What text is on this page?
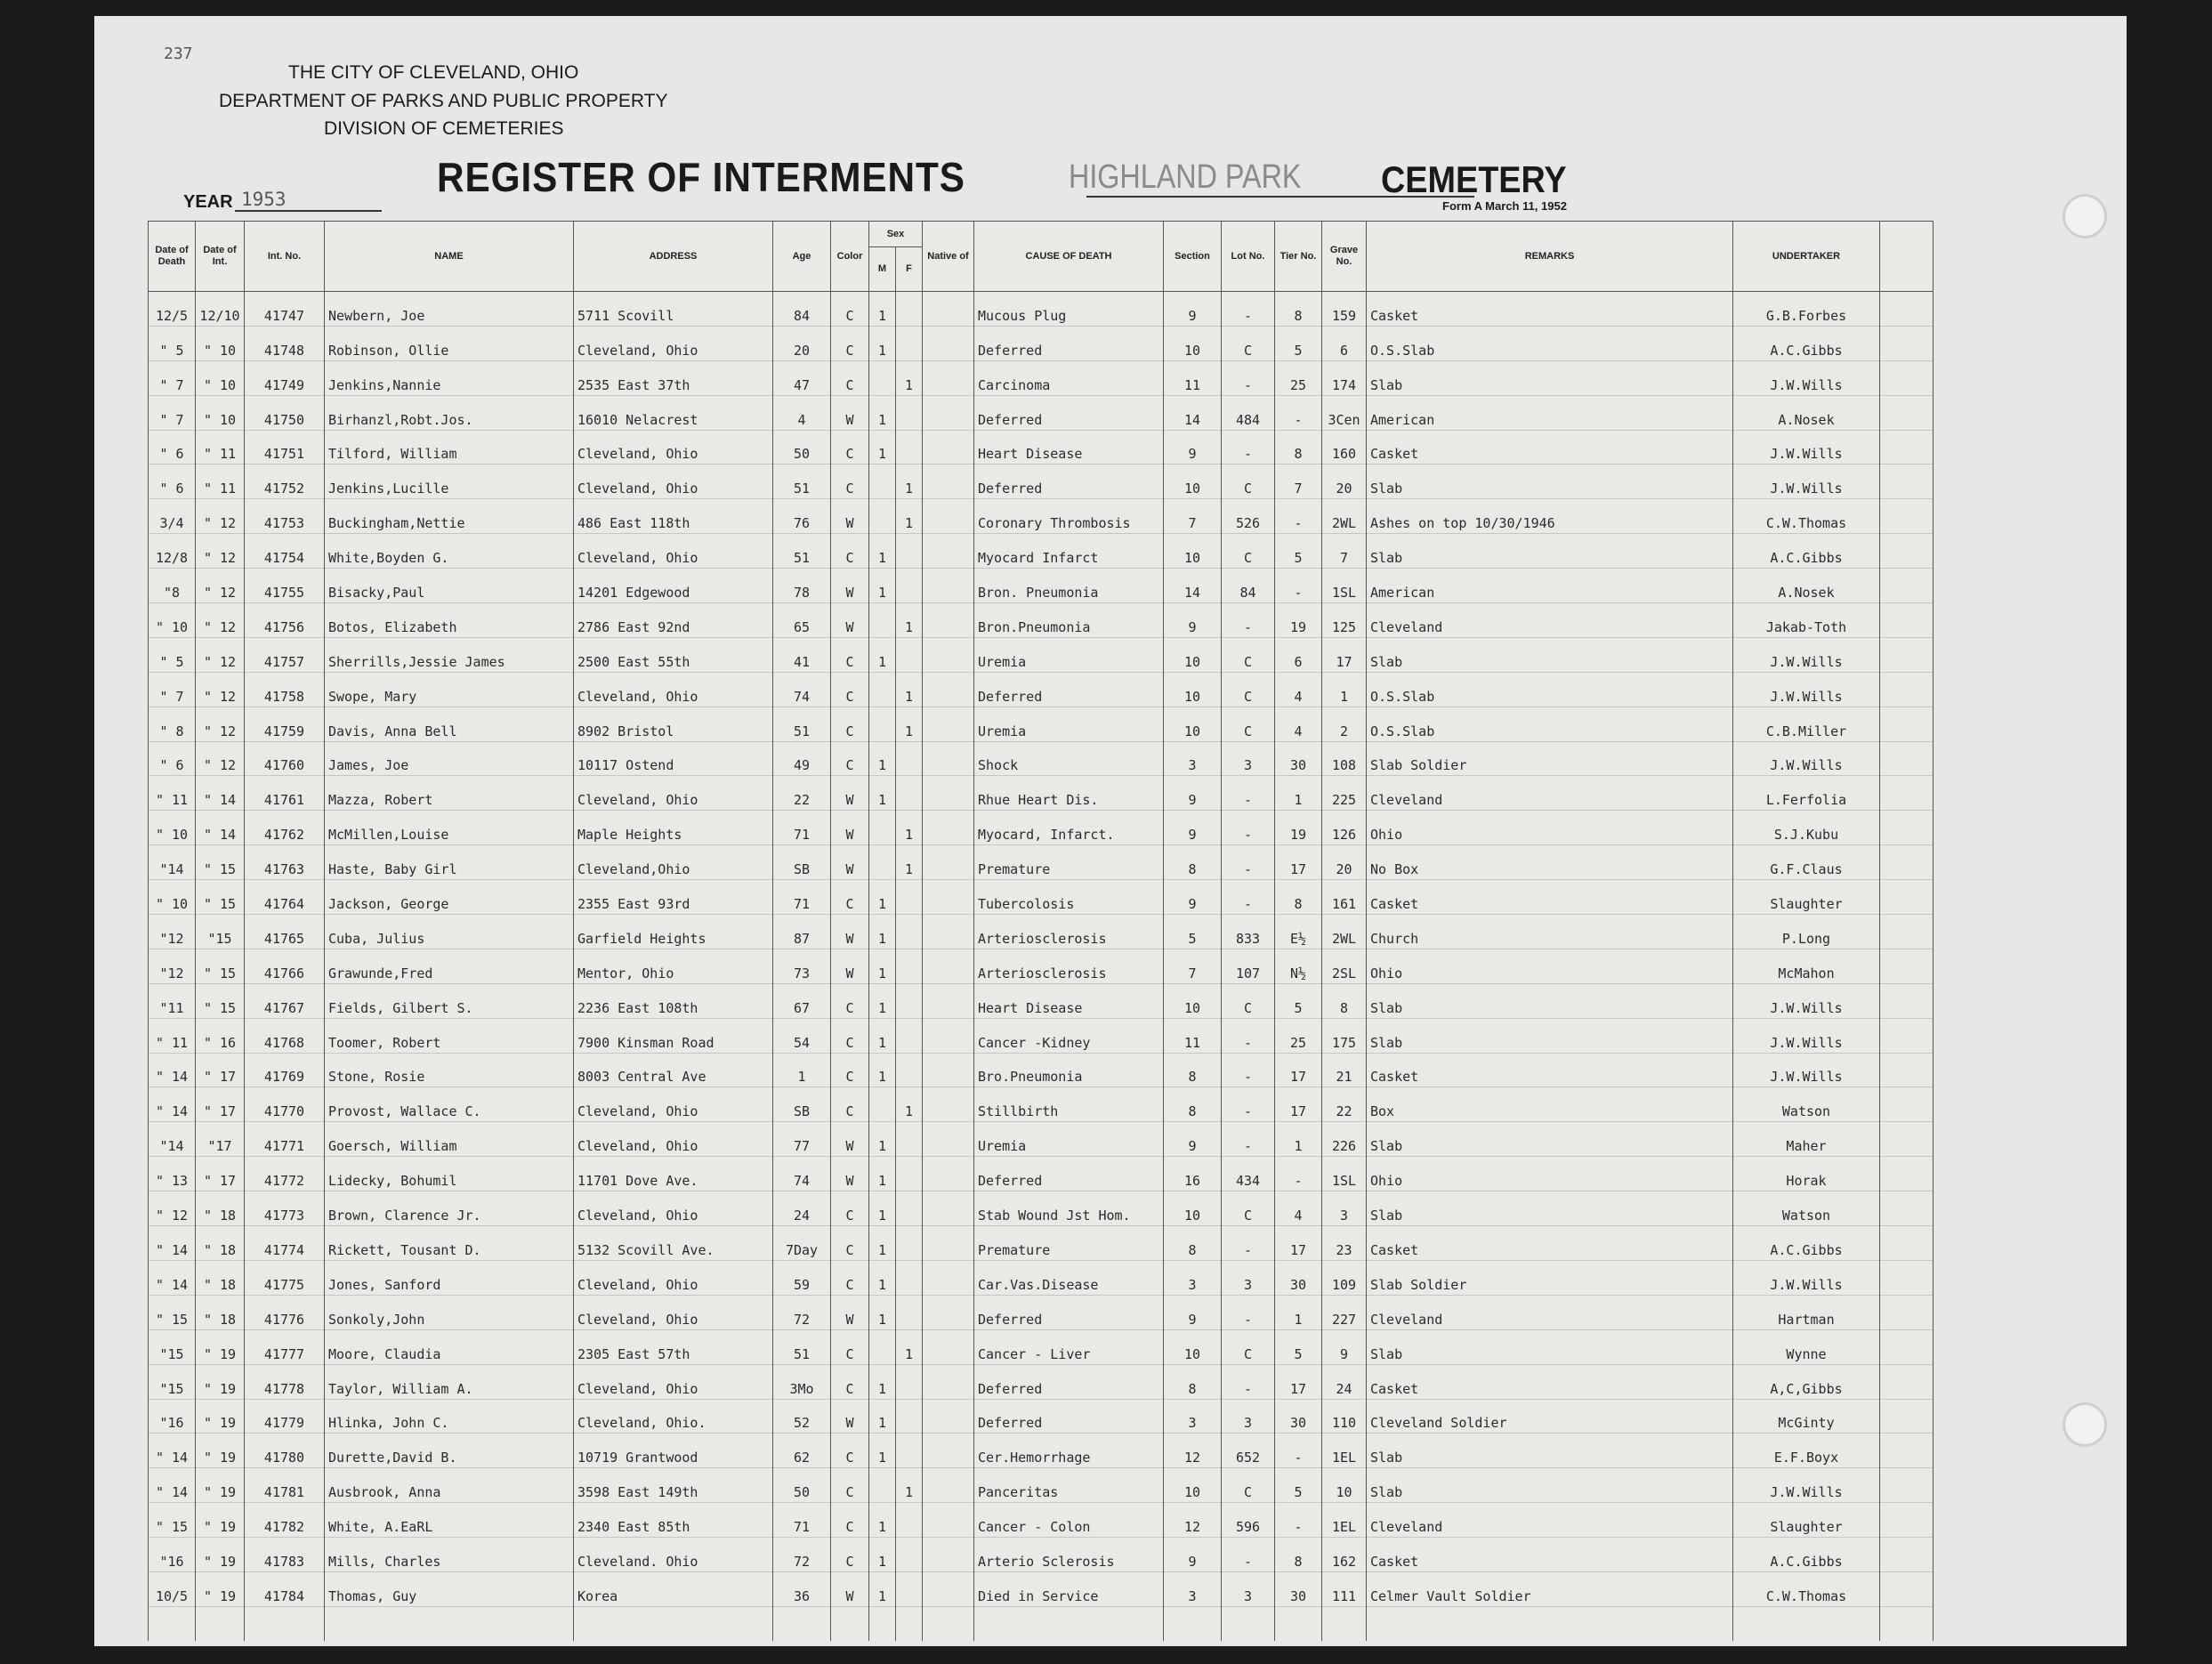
237
THE CITY OF CLEVELAND, OHIO
DEPARTMENT OF PARKS AND PUBLIC PROPERTY
DIVISION OF CEMETERIES
REGISTER OF INTERMENTS	HIGHLAND PARK CEMETERY
YEAR 1953	Form A March 11, 1952
Date of Death	Date of Int.	Int. No.	NAME	ADDRESS	Age	Color	Sex		Native of	CAUSE OF DEATH	Section	Lot No.	Tier No.	Grave No.	REMARKS	UNDERTAKER	
							M	F									
12/5	12/10	41747	Newbern, Joe	5711 Scovill	84	C	1			Mucous Plug	9	-	8	159	Casket	G.B.Forbes	
" 5	" 10	41748	Robinson, Ollie	Cleveland, Ohio	20	C	1			Deferred	10	C	5	6	O.S.Slab	A.C.Gibbs	
" 7	" 10	41749	Jenkins,Nannie	2535 East 37th	47	C		1		Carcinoma	11	-	25	174	Slab	J.W.Wills	
" 7	" 10	41750	Birhanzl,Robt.Jos.	16010 Nelacrest	4	W	1			Deferred	14	484	-	3Cen	American	A.Nosek	
" 6	" 11	41751	Tilford, William	Cleveland, Ohio	50	C	1			Heart Disease	9	-	8	160	Casket	J.W.Wills	
" 6	" 11	41752	Jenkins,Lucille	Cleveland, Ohio	51	C		1		Deferred	10	C	7	20	Slab	J.W.Wills	
3/4	" 12	41753	Buckingham,Nettie	486 East 118th	76	W		1		Coronary Thrombosis	7	526	-	2WL	Ashes on top 10/30/1946	C.W.Thomas	
12/8	" 12	41754	White,Boyden G.	Cleveland, Ohio	51	C	1			Myocard Infarct	10	C	5	7	Slab	A.C.Gibbs	
"8	" 12	41755	Bisacky,Paul	14201 Edgewood	78	W	1			Bron. Pneumonia	14	84	-	1SL	American	A.Nosek	
" 10	" 12	41756	Botos, Elizabeth	2786 East 92nd	65	W		1		Bron.Pneumonia	9	-	19	125	Cleveland	Jakab-Toth	
" 5	" 12	41757	Sherrills,Jessie James	2500 East 55th	41	C	1			Uremia	10	C	6	17	Slab	J.W.Wills	
" 7	" 12	41758	Swope, Mary	Cleveland, Ohio	74	C		1		Deferred	10	C	4	1	O.S.Slab	J.W.Wills	
" 8	" 12	41759	Davis, Anna Bell	8902 Bristol	51	C		1		Uremia	10	C	4	2	O.S.Slab	C.B.Miller	
" 6	" 12	41760	James, Joe	10117 Ostend	49	C	1			Shock	3	3	30	108	Slab Soldier	J.W.Wills	
" 11	" 14	41761	Mazza, Robert	Cleveland, Ohio	22	W	1			Rhue Heart Dis.	9	-	1	225	Cleveland	L.Ferfolia	
" 10	" 14	41762	McMillen,Louise	Maple Heights	71	W		1		Myocard, Infarct.	9	-	19	126	Ohio	S.J.Kubu	
"14	" 15	41763	Haste, Baby Girl	Cleveland,Ohio	SB	W		1		Premature	8	-	17	20	No Box	G.F.Claus	
" 10	" 15	41764	Jackson, George	2355 East 93rd	71	C	1			Tubercolosis	9	-	8	161	Casket	Slaughter	
"12	"15	41765	Cuba, Julius	Garfield Heights	87	W	1			Arteriosclerosis	5	833	E½	2WL	Church	P.Long	
"12	" 15	41766	Grawunde,Fred	Mentor, Ohio	73	W	1			Arteriosclerosis	7	107	N½	2SL	Ohio	McMahon	
"11	" 15	41767	Fields, Gilbert S.	2236 East 108th	67	C	1			Heart Disease	10	C	5	8	Slab	J.W.Wills	
" 11	" 16	41768	Toomer, Robert	7900 Kinsman Road	54	C	1			Cancer -Kidney	11	-	25	175	Slab	J.W.Wills	
" 14	" 17	41769	Stone, Rosie	8003 Central Ave	1	C	1			Bro.Pneumonia	8	-	17	21	Casket	J.W.Wills	
" 14	" 17	41770	Provost, Wallace C.	Cleveland, Ohio	SB	C		1		Stillbirth	8	-	17	22	Box	Watson	
"14	"17	41771	Goersch, William	Cleveland, Ohio	77	W	1			Uremia	9	-	1	226	Slab	Maher	
" 13	" 17	41772	Lidecky, Bohumil	11701 Dove Ave.	74	W	1			Deferred	16	434	-	1SL	Ohio	Horak	
" 12	" 18	41773	Brown, Clarence Jr.	Cleveland, Ohio	24	C	1			Stab Wound Jst Hom.	10	C	4	3	Slab	Watson	
" 14	" 18	41774	Rickett, Tousant D.	5132 Scovill Ave.	7Day	C	1			Premature	8	-	17	23	Casket	A.C.Gibbs	
" 14	" 18	41775	Jones, Sanford	Cleveland, Ohio	59	C	1			Car.Vas.Disease	3	3	30	109	Slab Soldier	J.W.Wills	
" 15	" 18	41776	Sonkoly,John	Cleveland, Ohio	72	W	1			Deferred	9	-	1	227	Cleveland	Hartman	
"15	" 19	41777	Moore, Claudia	2305 East 57th	51	C		1		Cancer - Liver	10	C	5	9	Slab	Wynne	
"15	" 19	41778	Taylor, William A.	Cleveland, Ohio	3Mo	C	1			Deferred	8	-	17	24	Casket	A,C,Gibbs	
"16	" 19	41779	Hlinka, John C.	Cleveland, Ohio.	52	W	1			Deferred	3	3	30	110	Cleveland Soldier	McGinty	
" 14	" 19	41780	Durette,David B.	10719 Grantwood	62	C	1			Cer.Hemorrhage	12	652	-	1EL	Slab	E.F.Boyx	
" 14	" 19	41781	Ausbrook, Anna	3598 East 149th	50	C		1		Panceritas	10	C	5	10	Slab	J.W.Wills	
" 15	" 19	41782	White, A.EaRL	2340 East 85th	71	C	1			Cancer - Colon	12	596	-	1EL	Cleveland	Slaughter	
"16	" 19	41783	Mills, Charles	Cleveland. Ohio	72	C	1			Arterio Sclerosis	9	-	8	162	Casket	A.C.Gibbs	
10/5	" 19	41784	Thomas, Guy	Korea	36	W	1			Died in Service	3	3	30	111	Celmer Vault Soldier	C.W.Thomas	
